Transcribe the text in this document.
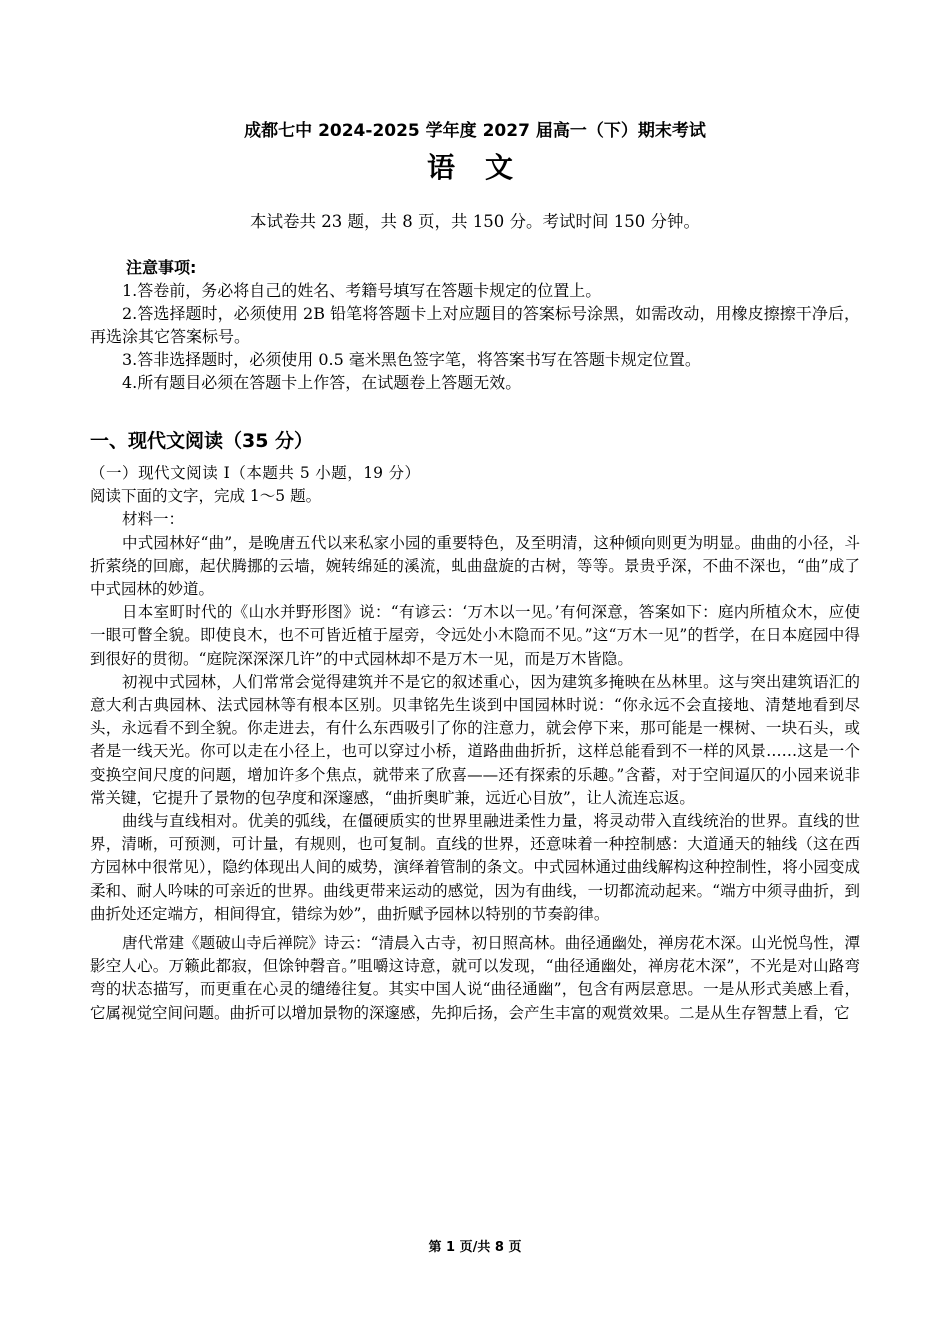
成都七中 2024-2025 学年度 2027 届高一（下）期末考试
语文
本试卷共 23 题，共 8 页，共 150 分。考试时间 150 分钟。
注意事项:
1.答卷前，务必将自己的姓名、考籍号填写在答题卡规定的位置上。
2.答选择题时，必须使用 2B 铅笔将答题卡上对应题目的答案标号涂黑，如需改动，用橡皮擦擦干净后，再选涂其它答案标号。
3.答非选择题时，必须使用 0.5 毫米黑色签字笔，将答案书写在答题卡规定位置。
4.所有题目必须在答题卡上作答，在试题卷上答题无效。
一、现代文阅读（35 分）

（一）现代文阅读 I（本题共 5 小题，19 分） 阅读下面的文字，完成 1～5 题。

材料一：

中式园林好“曲”，是晚唐五代以来私家小园的重要特色，及至明清，这种倾向则更为明显。曲曲的小径，斗折萦绕的回廊，起伏腾挪的云墙，婉转绵延的溪流，虬曲盘旋的古树，等等。景贵乎深，不曲不深也，“曲”成了中式园林的妙道。

日本室町时代的《山水并野形图》说：“有谚云：‘万木以一见。’有何深意，答案如下：庭内所植众木，应使一眼可瞥全貌。即使良木，也不可皆近植于屋旁，令远处小木隐而不见。”这“万木一见”的哲学，在日本庭园中得到很好的贯彻。“庭院深深深几许”的中式园林却不是万木一见，而是万木皆隐。

初视中式园林，人们常常会觉得建筑并不是它的叙述重心，因为建筑多掩映在丛林里。这与突出建筑语汇的意大利古典园林、法式园林等有根本区别。贝聿铭先生谈到中国园林时说：“你永远不会直接地、清楚地看到尽头，永远看不到全貌。你走进去，有什么东西吸引了你的注意力，就会停下来，那可能是一棵树、一块石头，或者是一线天光。你可以走在小径上，也可以穿过小桥，道路曲曲折折，这样总能看到不一样的风景……这是一个变换空间尺度的问题，增加许多个焦点，就带来了欣喜——还有探索的乐趣。”含蓄，对于空间逼仄的小园来说非常关键，它提升了景物的包孕度和深邃感，“曲折奥旷兼，远近心目放”，让人流连忘返。

曲线与直线相对。优美的弧线，在僵硬质实的世界里融进柔性力量，将灵动带入直线统治的世界。直线的世界，清晰，可预测，可计量，有规则，也可复制。直线的世界，还意味着一种控制感：大道通天的轴线（这在西方园林中很常见），隐约体现出人间的威势，演绎着管制的条文。中式园林通过曲线解构这种控制性，将小园变成柔和、耐人吟味的可亲近的世界。曲线更带来运动的感觉，因为有曲线，一切都流动起来。“端方中须寻曲折，到曲折处还定端方，相间得宜，错综为妙”，曲折赋予园林以特别的节奏韵律。

唐代常建《题破山寺后禅院》诗云：“清晨入古寺，初日照高林。曲径通幽处，禅房花木深。山光悦鸟性，潭影空人心。万籁此都寂，但馀钟磬音。”咀嚼这诗意，就可以发现，“曲径通幽处，禅房花木深”，不光是对山路弯弯的状态描写，而更重在心灵的缱绻往复。其实中国人说“曲径通幽”，包含有两层意思。一是从形式美感上看，它属视觉空间问题。曲折可以增加景物的深邃感，先抑后扬，会产生丰富的观赏效果。二是从生存智慧上看，它

第 1 页/共 8 页
